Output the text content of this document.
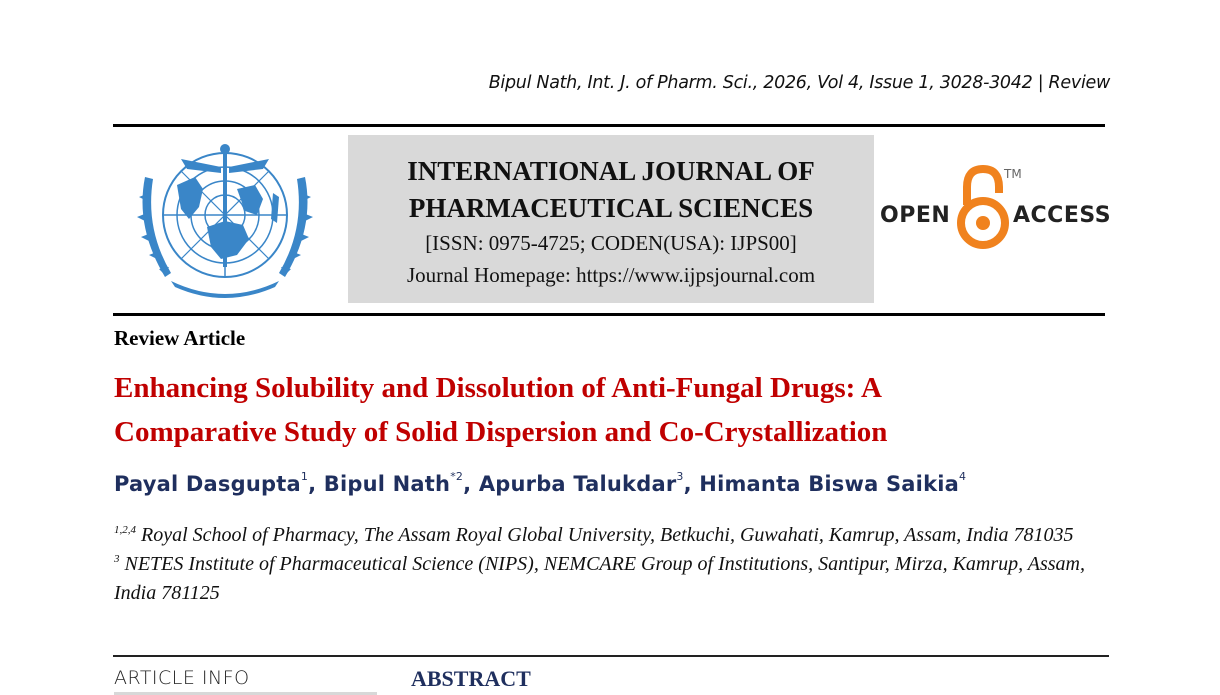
Bipul Nath, Int. J. of Pharm. Sci., 2026, Vol 4, Issue 1, 3028-3042 | Review
INTERNATIONAL JOURNAL OF
PHARMACEUTICAL SCIENCES
[ISSN: 0975-4725; CODEN(USA): IJPS00]
Journal Homepage: https://www.ijpsjournal.com
OPEN
TM
ACCESS
Review Article
Enhancing Solubility and Dissolution of Anti-Fungal Drugs: A
Comparative Study of Solid Dispersion and Co-Crystallization
Payal Dasgupta$^1$, Bipul Nath$^{*2}$, Apurba Talukdar$^3$, Himanta Biswa Saikia$^4$
$^{1,2,4}$ Royal School of Pharmacy, The Assam Royal Global University, Betkuchi, Guwahati, Kamrup, Assam, India 781035
$^3$ NETES Institute of Pharmaceutical Science (NIPS), NEMCARE Group of Institutions, Santipur, Mirza, Kamrup, Assam, India 781125
ARTICLE INFO	ABSTRACT
